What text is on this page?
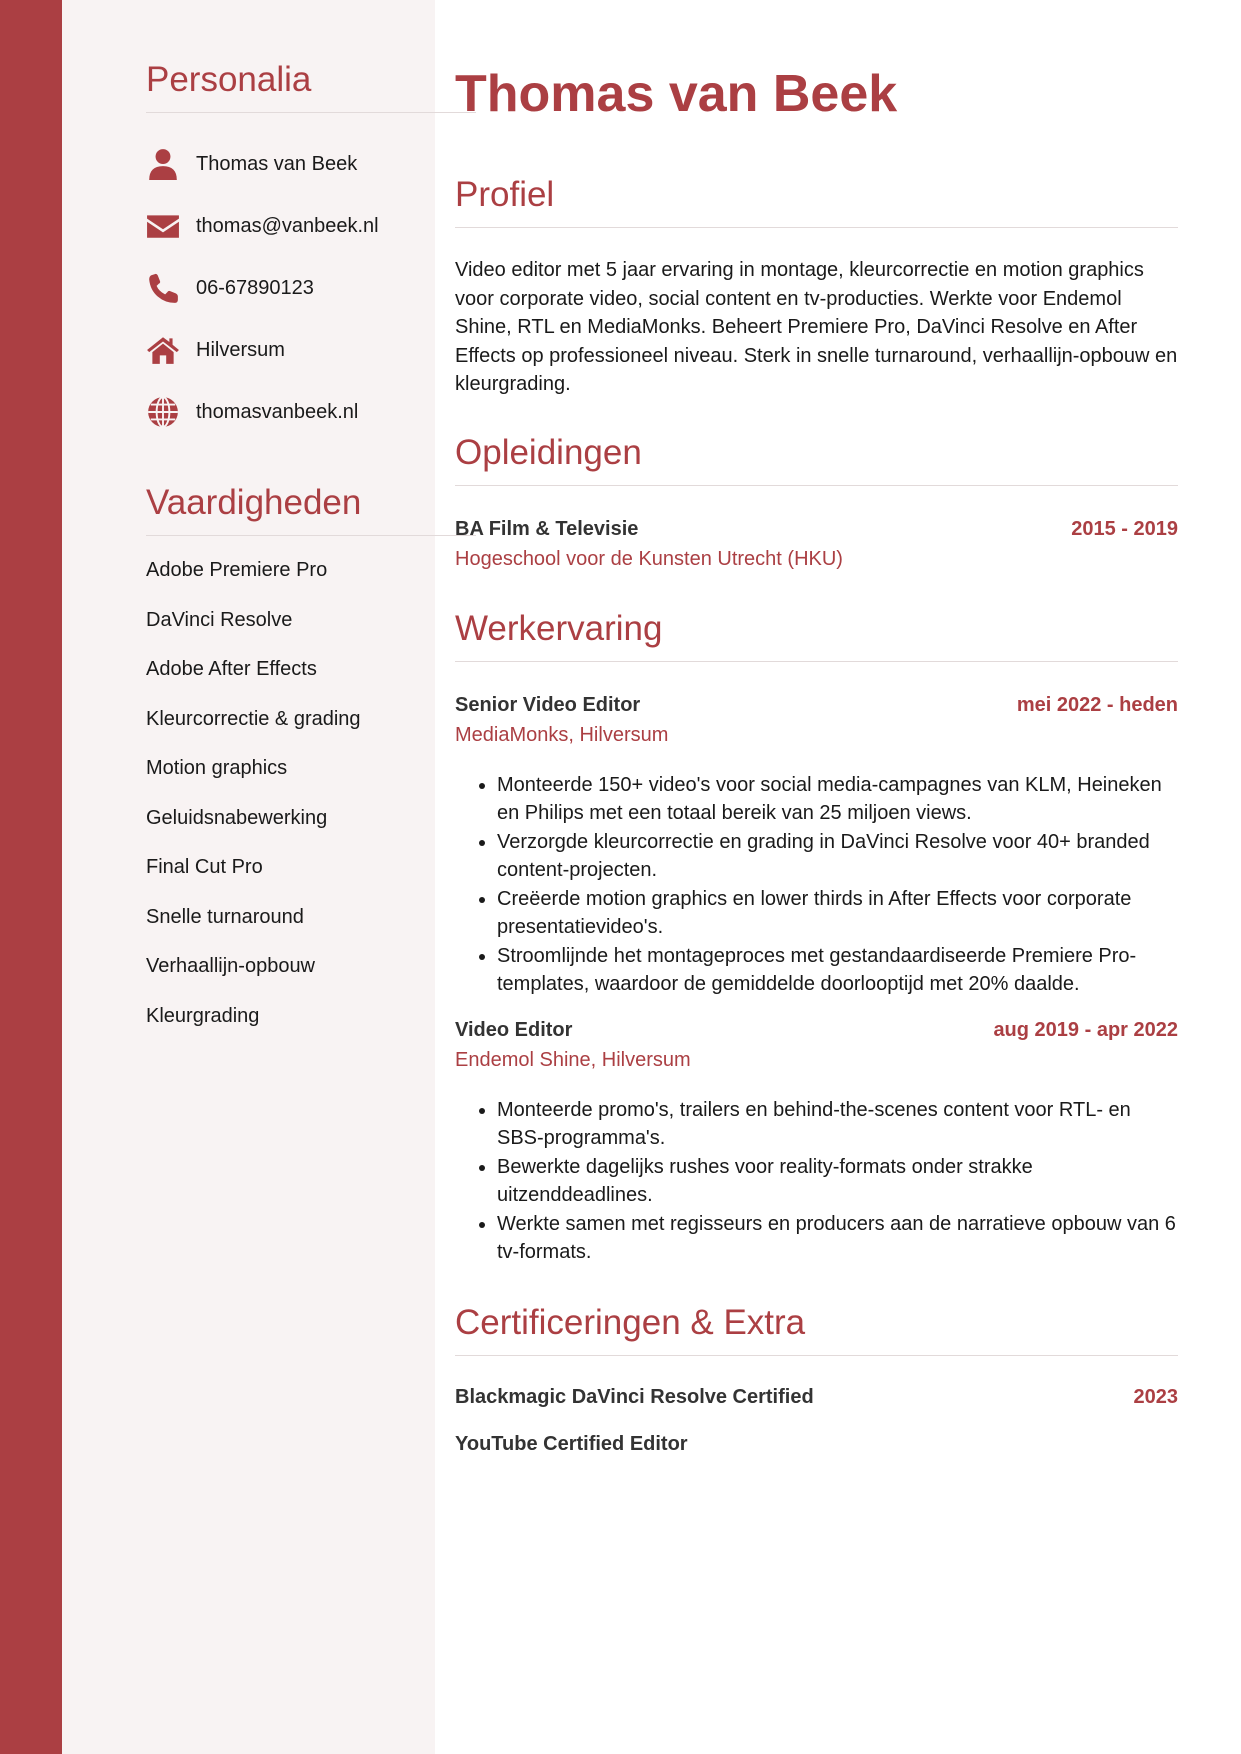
Personalia
Thomas van Beek
thomas@vanbeek.nl
06-67890123
Hilversum
thomasvanbeek.nl
Vaardigheden
Adobe Premiere Pro
DaVinci Resolve
Adobe After Effects
Kleurcorrectie & grading
Motion graphics
Geluidsnabewerking
Final Cut Pro
Snelle turnaround
Verhaallijn-opbouw
Kleurgrading
Thomas van Beek
Profiel

Video editor met 5 jaar ervaring in montage, kleurcorrectie en motion graphics voor corporate video, social content en tv-producties. Werkte voor Endemol Shine, RTL en MediaMonks. Beheert Premiere Pro, DaVinci Resolve en After Effects op professioneel niveau. Sterk in snelle turnaround, verhaallijn-opbouw en kleurgrading.

Opleidingen
BA Film & Televisie	2015 - 2019
Hogeschool voor de Kunsten Utrecht (HKU)
Werkervaring
Senior Video Editor	mei 2022 - heden
MediaMonks, Hilversum
• Monteerde 150+ video's voor social media-campagnes van KLM, Heineken en Philips met een totaal bereik van 25 miljoen views.
• Verzorgde kleurcorrectie en grading in DaVinci Resolve voor 40+ branded content-projecten.
• Creëerde motion graphics en lower thirds in After Effects voor corporate presentatievideo's.
• Stroomlijnde het montageproces met gestandaardiseerde Premiere Pro-templates, waardoor de gemiddelde doorlooptijd met 20% daalde.
Video Editor	aug 2019 - apr 2022
Endemol Shine, Hilversum
• Monteerde promo's, trailers en behind-the-scenes content voor RTL- en SBS-programma's.
• Bewerkte dagelijks rushes voor reality-formats onder strakke uitzenddeadlines.
• Werkte samen met regisseurs en producers aan de narratieve opbouw van 6 tv-formats.
Certificeringen & Extra
Blackmagic DaVinci Resolve Certified	2023
YouTube Certified Editor
